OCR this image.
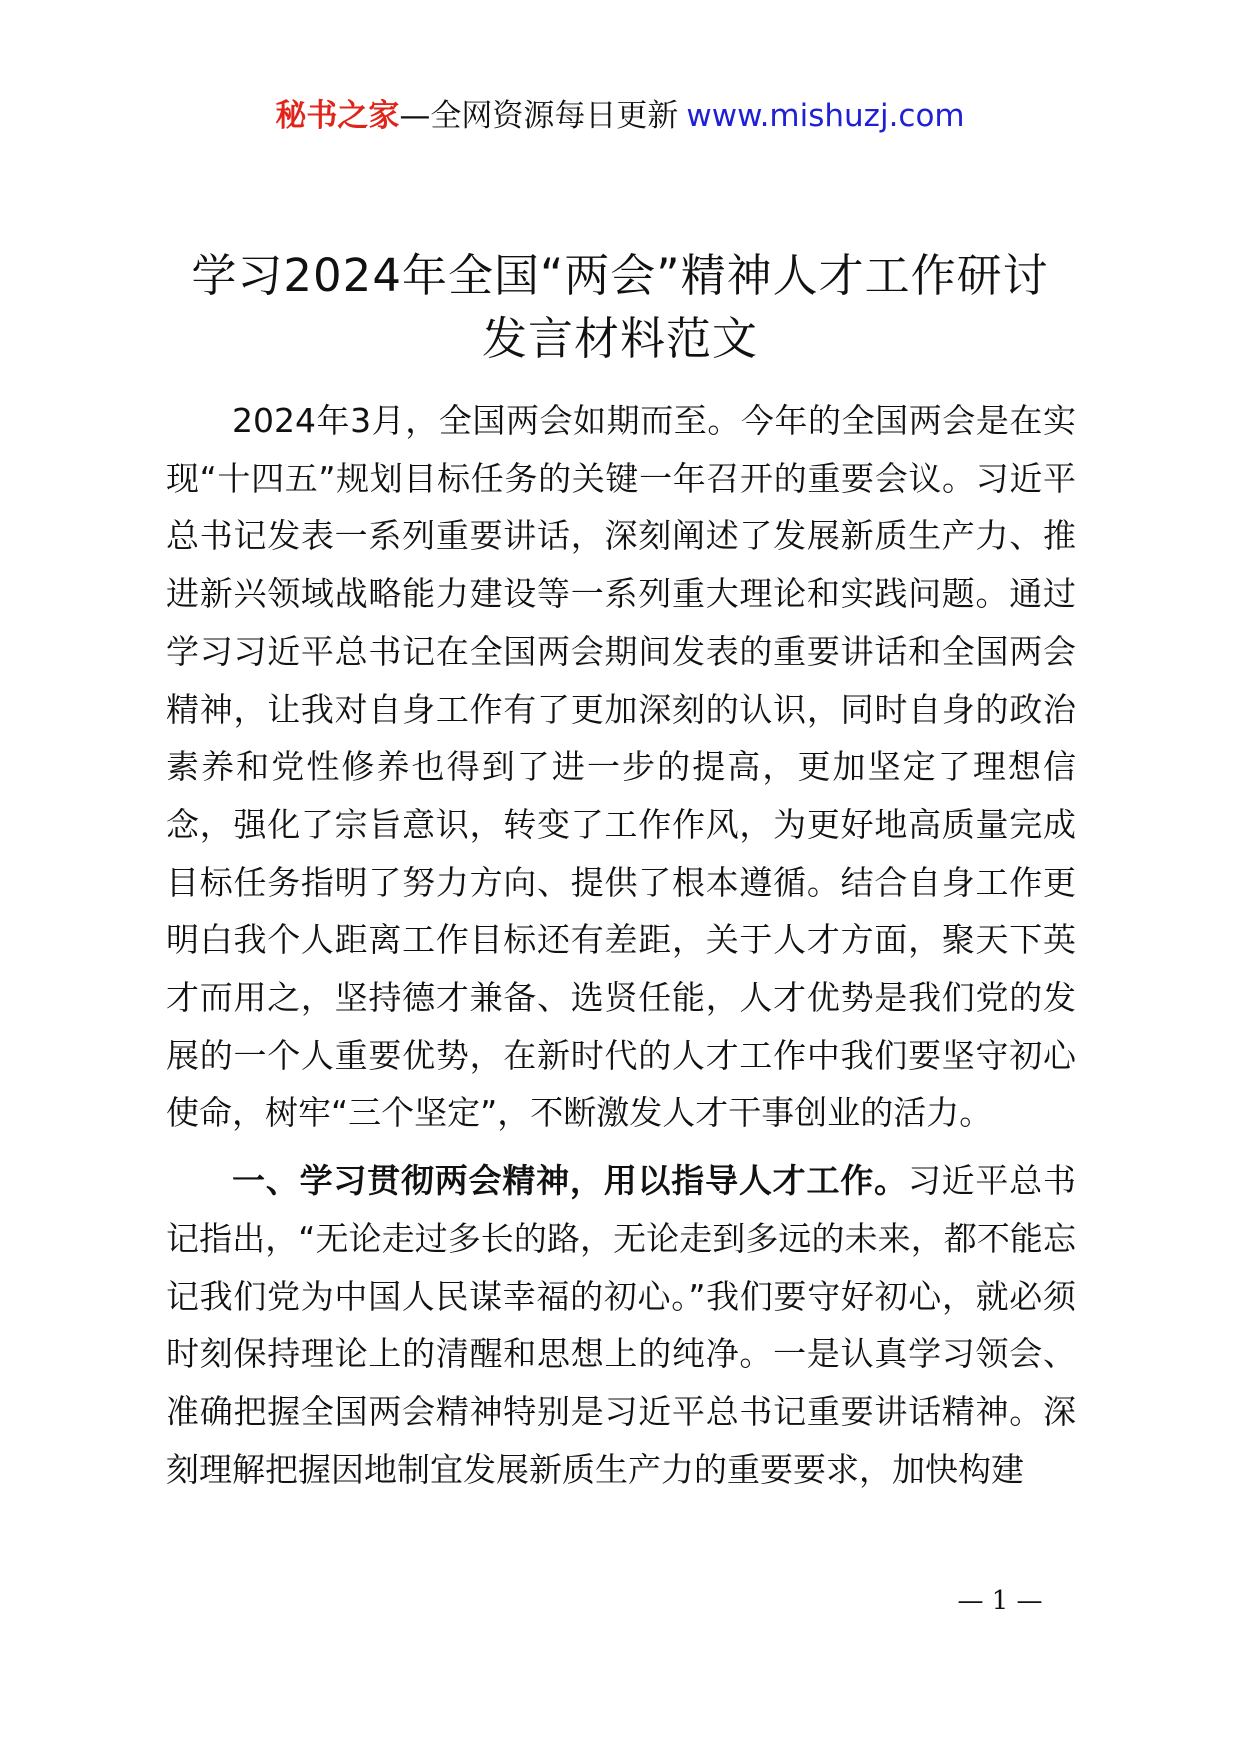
秘书之家—全网资源每日更新 www.mishuzj.com
学习2024年全国“两会”精神人才工作研讨
发言材料范文

2024年3月，全国两会如期而至。今年的全国两会是在实现“十四五”规划目标任务的关键一年召开的重要会议。习近平总书记发表一系列重要讲话，深刻阐述了发展新质生产力、推进新兴领域战略能力建设等一系列重大理论和实践问题。通过学习习近平总书记在全国两会期间发表的重要讲话和全国两会精神，让我对自身工作有了更加深刻的认识，同时自身的政治素养和党性修养也得到了进一步的提高，更加坚定了理想信念，强化了宗旨意识，转变了工作作风，为更好地高质量完成目标任务指明了努力方向、提供了根本遵循。结合自身工作更明白我个人距离工作目标还有差距，关于人才方面，聚天下英才而用之，坚持德才兼备、选贤任能，人才优势是我们党的发展的一个人重要优势，在新时代的人才工作中我们要坚守初心使命，树牢“三个坚定”，不断激发人才干事创业的活力。

一、学习贯彻两会精神，用以指导人才工作。习近平总书记指出，“无论走过多长的路，无论走到多远的未来，都不能忘记我们党为中国人民谋幸福的初心。”我们要守好初心，就必须时刻保持理论上的清醒和思想上的纯净。一是认真学习领会、准确把握全国两会精神特别是习近平总书记重要讲话精神。深刻理解把握因地制宜发展新质生产力的重要要求，加快构建

— 1 —
